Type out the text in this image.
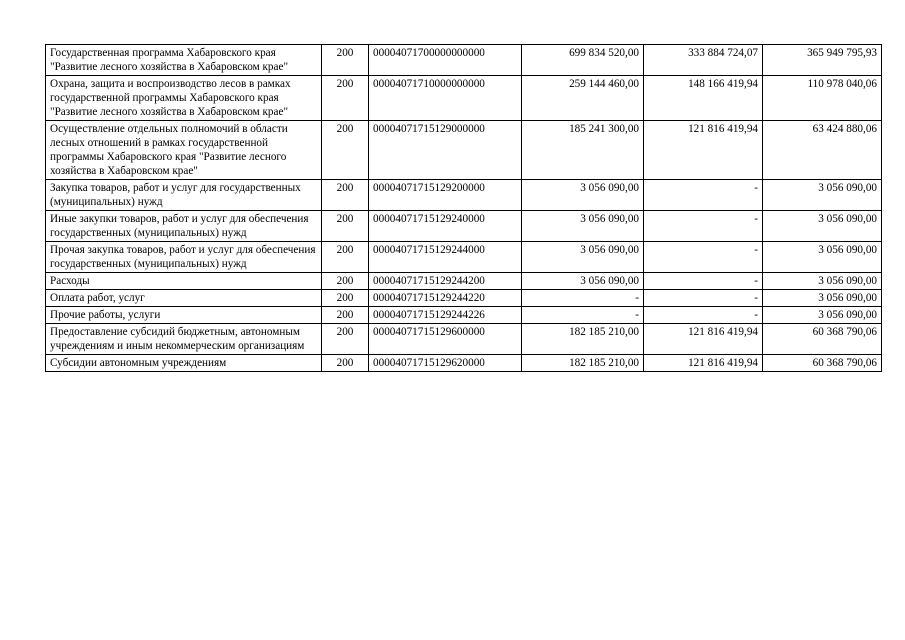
Государственная программа Хабаровского края "Развитие лесного хозяйства в Хабаровском крае"	200	00004071700000000000	699 834 520,00	333 884 724,07	365 949 795,93
Охрана, защита и воспроизводство лесов в рамках государственной программы Хабаровского края "Развитие лесного хозяйства в Хабаровском крае"	200	00004071710000000000	259 144 460,00	148 166 419,94	110 978 040,06
Осуществление отдельных полномочий в области лесных отношений в рамках государственной программы Хабаровского края "Развитие лесного хозяйства в Хабаровском крае"	200	00004071715129000000	185 241 300,00	121 816 419,94	63 424 880,06
Закупка товаров, работ и услуг для государственных (муниципальных) нужд	200	00004071715129200000	3 056 090,00	-	3 056 090,00
Иные закупки товаров, работ и услуг для обеспечения государственных (муниципальных) нужд	200	00004071715129240000	3 056 090,00	-	3 056 090,00
Прочая закупка товаров, работ и услуг для обеспечения государственных (муниципальных) нужд	200	00004071715129244000	3 056 090,00	-	3 056 090,00
Расходы	200	00004071715129244200	3 056 090,00	-	3 056 090,00
Оплата работ, услуг	200	00004071715129244220	-	-	3 056 090,00
Прочие работы, услуги	200	00004071715129244226	-	-	3 056 090,00
Предоставление субсидий бюджетным, автономным учреждениям и иным некоммерческим организациям	200	00004071715129600000	182 185 210,00	121 816 419,94	60 368 790,06
Субсидии автономным учреждениям	200	00004071715129620000	182 185 210,00	121 816 419,94	60 368 790,06
